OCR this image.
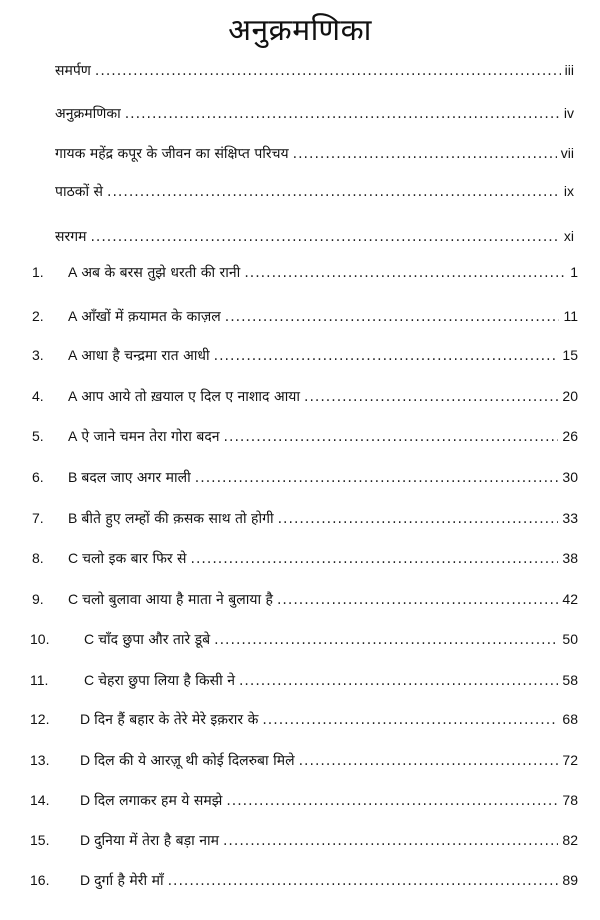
अनुक्रमणिका
समर्पण .....	iii
अनुक्रमणिका .....	iv
गायक महेंद्र कपूर के जीवन का संक्षिप्त परिचय .....	vii
पाठकों से .....	ix
सरगम .....	xi
1.	A अब के बरस तुझे धरती की रानी .....	1
2.	A आँखों में क़यामत के काज़ल .....	11
3.	A आधा है चन्द्रमा रात आधी .....	15
4.	A आप आये तो ख़याल ए दिल ए नाशाद आया .....	20
5.	A ऐ जाने चमन तेरा गोरा बदन .....	26
6.	B बदल जाए अगर माली .....	30
7.	B बीते हुए लम्हों की क़सक साथ तो होगी .....	33
8.	C चलो इक बार फिर से .....	38
9.	C चलो बुलावा आया है माता ने बुलाया है .....	42
10.	C चाँद छुपा और तारे डूबे .....	50
11.	C चेहरा छुपा लिया है किसी ने .....	58
12.	D दिन हैं बहार के तेरे मेरे इक़रार के .....	68
13.	D दिल की ये आरज़ू थी कोई दिलरुबा मिले .....	72
14.	D दिल लगाकर हम ये समझे .....	78
15.	D दुनिया में तेरा है बड़ा नाम .....	82
16.	D दुर्गा है मेरी माँ .....	89
